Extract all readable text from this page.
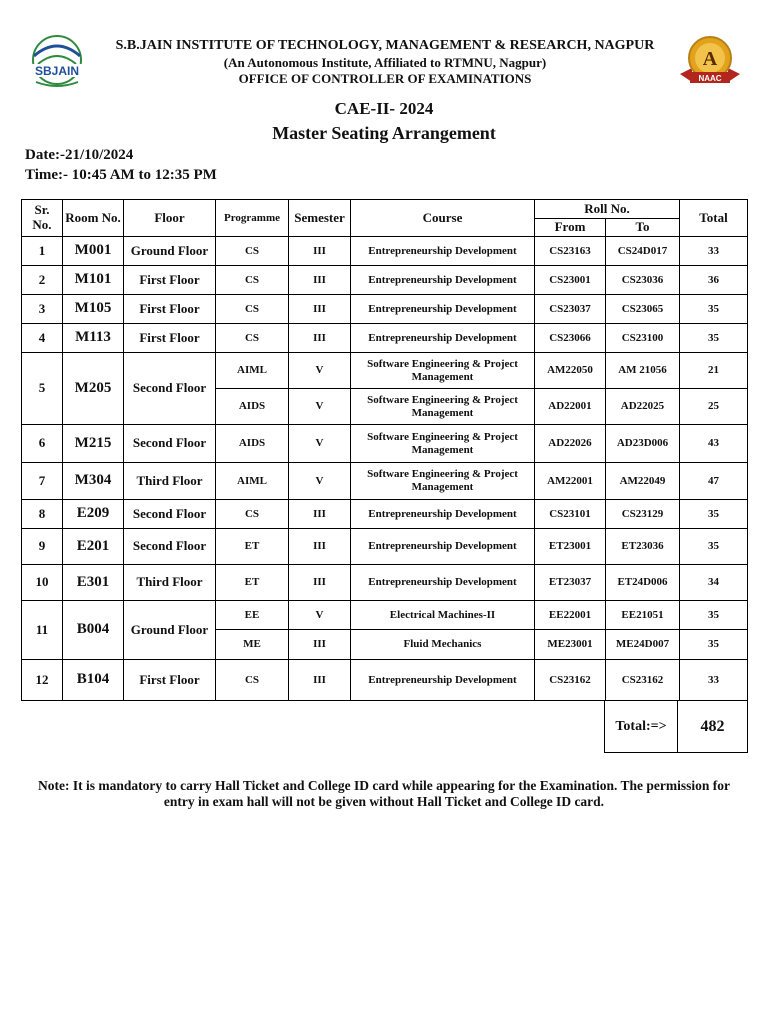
SBJAIN
A
NAAC
S.B.JAIN INSTITUTE OF TECHNOLOGY, MANAGEMENT & RESEARCH, NAGPUR
(An Autonomous Institute, Affiliated to RTMNU, Nagpur)
OFFICE OF CONTROLLER OF EXAMINATIONS
CAE-II- 2024
Master Seating Arrangement
Date:-21/10/2024
Time:- 10:45 AM to 12:35 PM
Sr. No.	Room No.	Floor	Programme	Semester	Course	Roll No.		Total
						From	To	
1	M001	Ground Floor	CS	III	Entrepreneurship Development	CS23163	CS24D017	33
2	M101	First Floor	CS	III	Entrepreneurship Development	CS23001	CS23036	36
3	M105	First Floor	CS	III	Entrepreneurship Development	CS23037	CS23065	35
4	M113	First Floor	CS	III	Entrepreneurship Development	CS23066	CS23100	35
5	M205	Second Floor	AIML	V	Software Engineering & Project Management	AM22050	AM 21056	21
			AIDS	V	Software Engineering & Project Management	AD22001	AD22025	25
6	M215	Second Floor	AIDS	V	Software Engineering & Project Management	AD22026	AD23D006	43
7	M304	Third Floor	AIML	V	Software Engineering & Project Management	AM22001	AM22049	47
8	E209	Second Floor	CS	III	Entrepreneurship Development	CS23101	CS23129	35
9	E201	Second Floor	ET	III	Entrepreneurship Development	ET23001	ET23036	35
10	E301	Third Floor	ET	III	Entrepreneurship Development	ET23037	ET24D006	34
11	B004	Ground Floor	EE	V	Electrical Machines-II	EE22001	EE21051	35
			ME	III	Fluid Mechanics	ME23001	ME24D007	35
12	B104	First Floor	CS	III	Entrepreneurship Development	CS23162	CS23162	33
Total:=>	482
Note: It is mandatory to carry Hall Ticket and College ID card while appearing for the Examination. The permission for entry in exam hall will not be given without Hall Ticket and College ID card.
